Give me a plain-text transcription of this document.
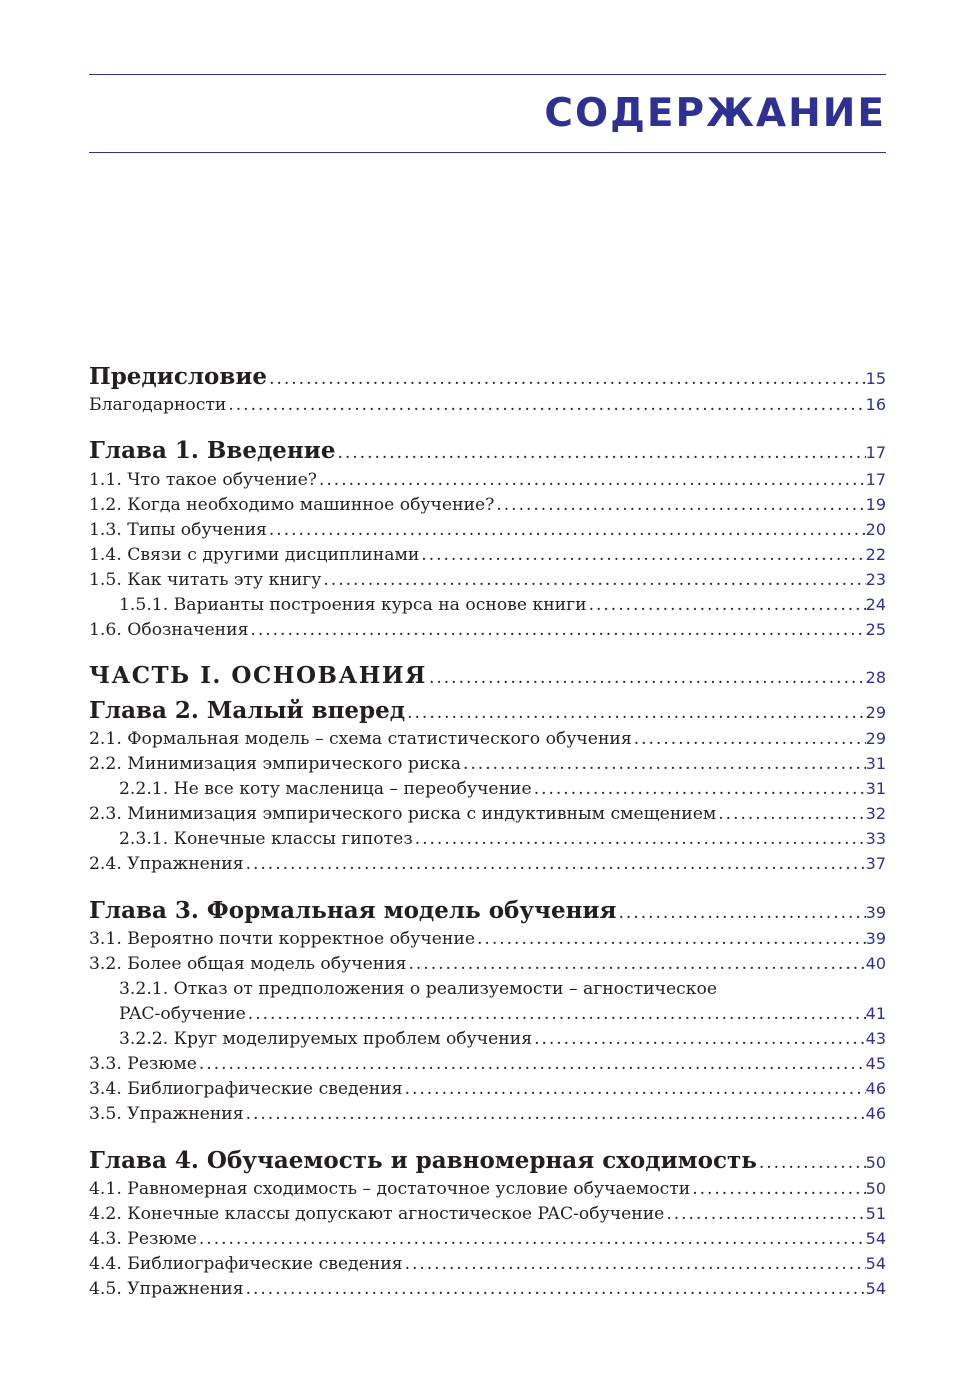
СОДЕРЖАНИЕ
Предисловие .....	15
Благодарности .....	16
Глава 1. Введение .....	17
1.1. Что такое обучение? .....	17
1.2. Когда необходимо машинное обучение? .....	19
1.3. Типы обучения .....	20
1.4. Связи с другими дисциплинами .....	22
1.5. Как читать эту книгу .....	23
1.5.1. Варианты построения курса на основе книги .....	24
1.6. Обозначения .....	25
ЧАСТЬ I. ОСНОВАНИЯ .....	28
Глава 2. Малый вперед .....	29
2.1. Формальная модель – схема статистического обучения .....	29
2.2. Минимизация эмпирического риска .....	31
2.2.1. Не все коту масленица – переобучение .....	31
2.3. Минимизация эмпирического риска с индуктивным смещением .....	32
2.3.1. Конечные классы гипотез .....	33
2.4. Упражнения .....	37
Глава 3. Формальная модель обучения .....	39
3.1. Вероятно почти корректное обучение .....	39
3.2. Более общая модель обучения .....	40
3.2.1. Отказ от предположения о реализуемости – агностическое
PAC-обучение .....	41
3.2.2. Круг моделируемых проблем обучения .....	43
3.3. Резюме .....	45
3.4. Библиографические сведения .....	46
3.5. Упражнения .....	46
Глава 4. Обучаемость и равномерная сходимость .....	50
4.1. Равномерная сходимость – достаточное условие обучаемости .....	50
4.2. Конечные классы допускают агностическое PAC-обучение .....	51
4.3. Резюме .....	54
4.4. Библиографические сведения .....	54
4.5. Упражнения .....	54
